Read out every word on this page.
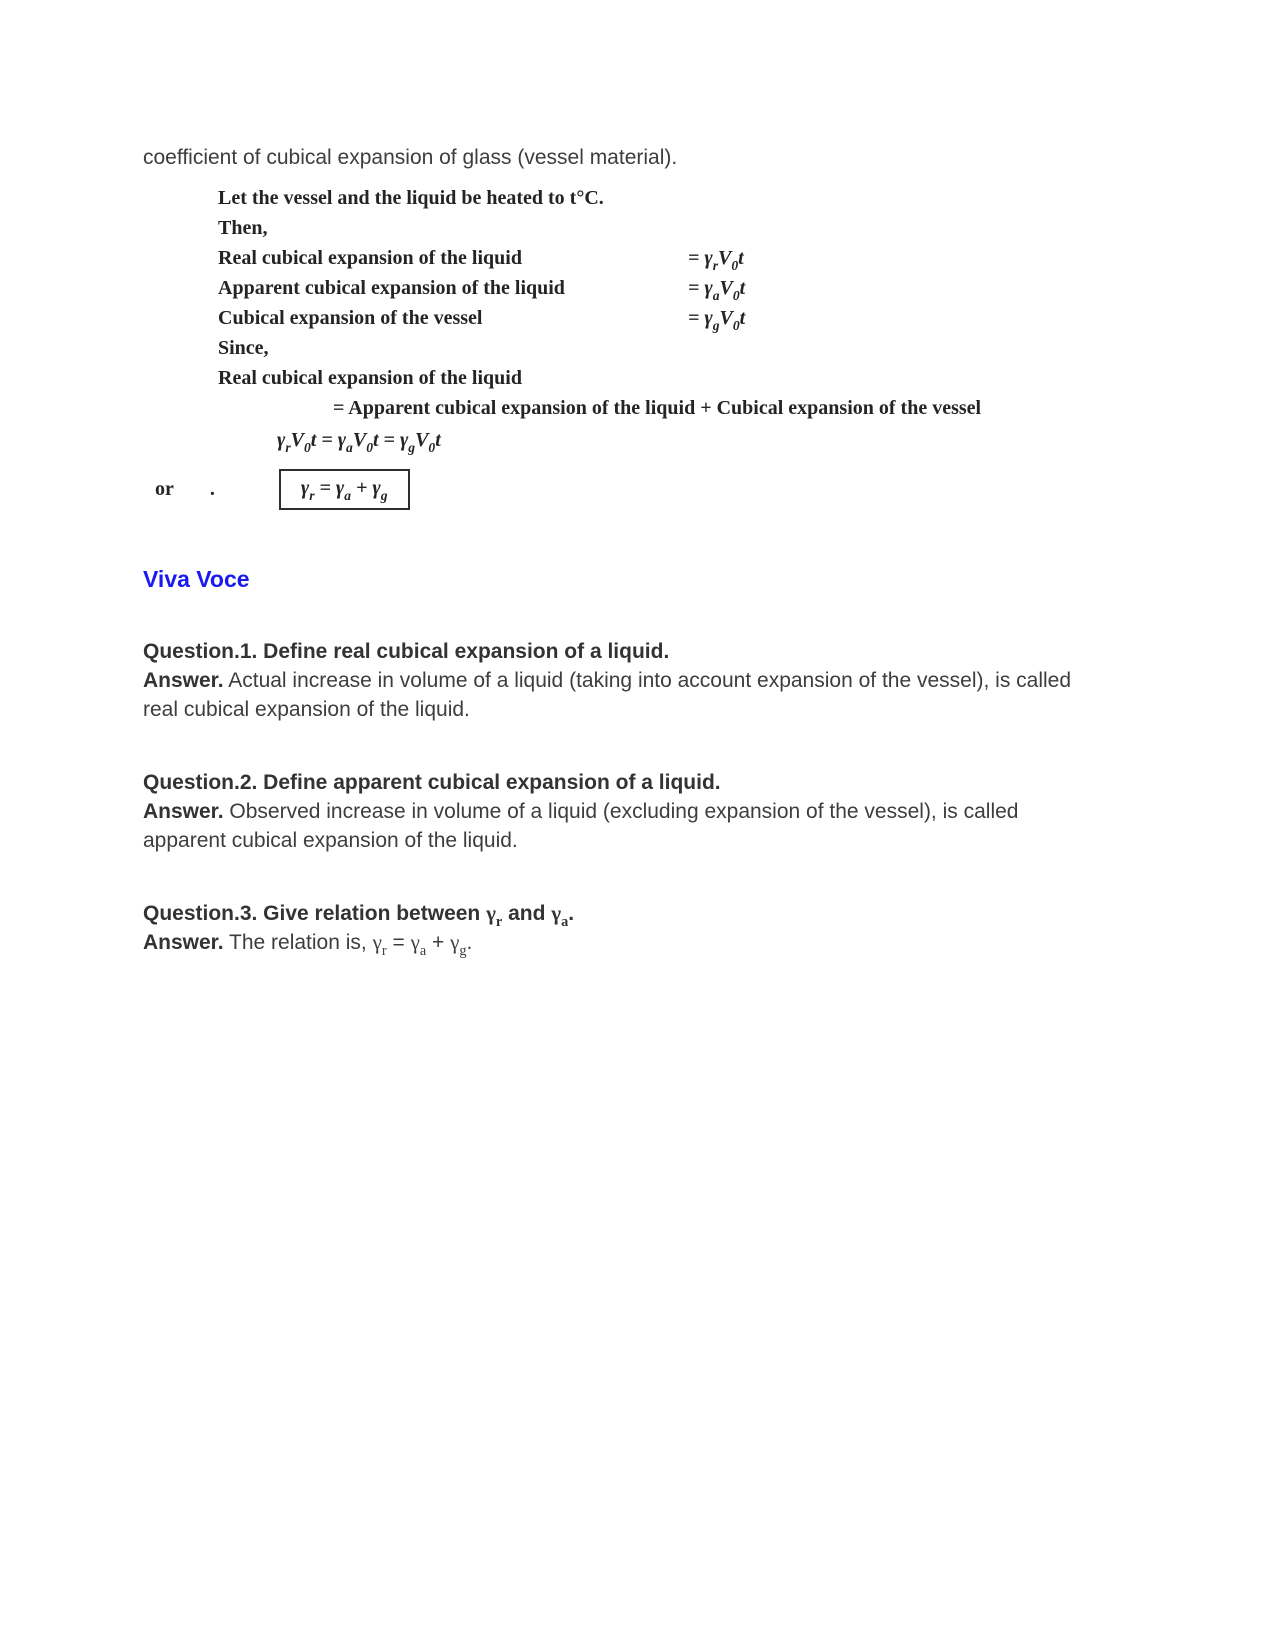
coefficient of cubical expansion of glass (vessel material).
Let the vessel and the liquid be heated to t°C.
Then,
Real cubical expansion of the liquid	= $\gamma_rV_0t$
Apparent cubical expansion of the liquid	= $\gamma_aV_0t$
Cubical expansion of the vessel	= $\gamma_gV_0t$
Since,
Real cubical expansion of the liquid
= Apparent cubical expansion of the liquid + Cubical expansion of the vessel
$\gamma_rV_0t = \gamma_aV_0t = \gamma_gV_0t$
or .	$\gamma_r = \gamma_a + \gamma_g$
Viva Voce
Question.1. Define real cubical expansion of a liquid.
Answer. Actual increase in volume of a liquid (taking into account expansion of the vessel), is called real cubical expansion of the liquid.
Question.2. Define apparent cubical expansion of a liquid.
Answer. Observed increase in volume of a liquid (excluding expansion of the vessel), is called apparent cubical expansion of the liquid.
Question.3. Give relation between $\gamma_r$ and $\gamma_a$.
Answer. The relation is, $\gamma_r = \gamma_a + \gamma_g$.
